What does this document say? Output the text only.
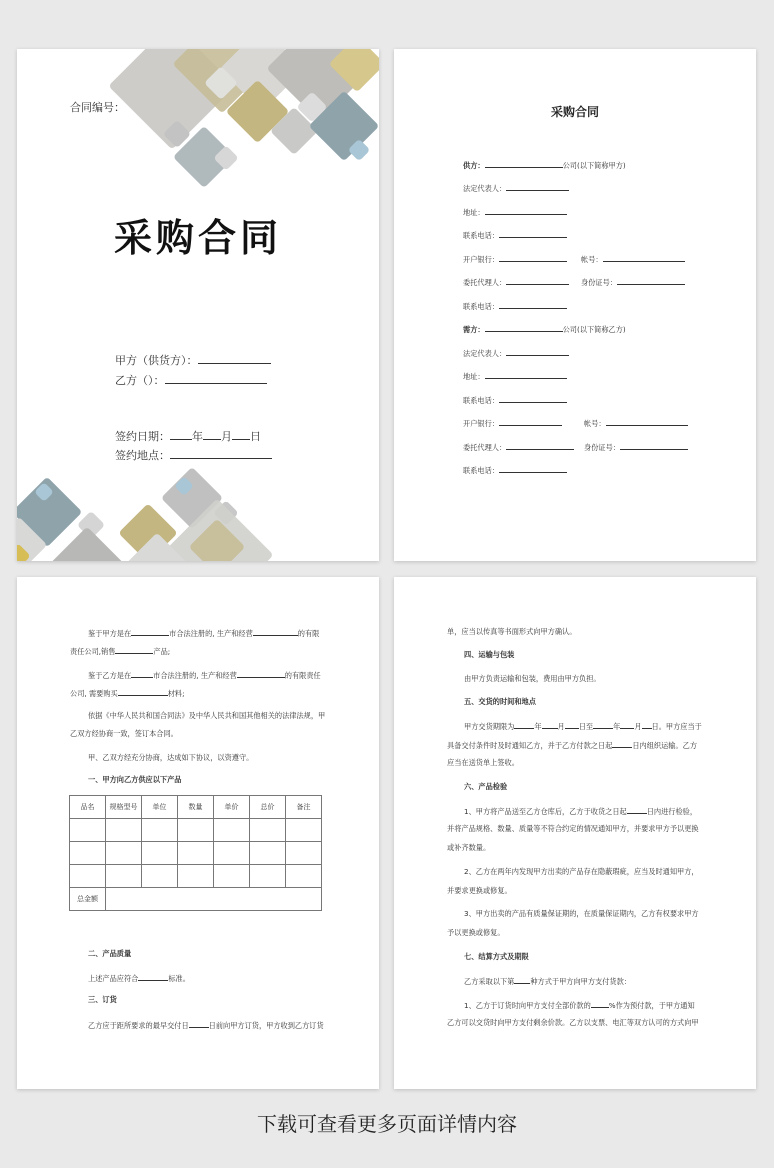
合同编号：
采购合同
甲方（供货方）：
乙方（）：
签约日期： 年 月 日
签约地点：
采购合同
供方：	公司(以下简称甲方)
法定代表人：
地址：
联系电话：
开户银行：	帐号：
委托代理人：	身份证号：
联系电话：
需方：	公司(以下简称乙方)
法定代表人：
地址：
联系电话：
开户银行：	帐号：
委托代理人：	身份证号：
联系电话：
鉴于甲方是在	市合法注册的, 生产和经营	的有限
责任公司,销售	产品;
鉴于乙方是在	市合法注册的, 生产和经营	的有限责任
公司, 需要购买	材料;
依据《中华人民共和国合同法》及中华人民共和国其他相关的法律法规，甲
乙双方经协商一致，签订本合同。
甲、乙双方经充分协商，达成如下协议，以资遵守。
一、甲方向乙方供应以下产品
品名	规格型号	单位	数量	单价	总价	备注

总金额						
二、产品质量
上述产品应符合	标准。
三、订货
乙方应于距所要求的最早交付日	日前向甲方订货，甲方收到乙方订货
单，应当以传真等书面形式向甲方确认。
四、运输与包装
由甲方负责运输和包装，费用由甲方负担。
五、交货的时间和地点
甲方交货期限为	年 月 日至	年 月 日。甲方应当于
具备交付条件时及时通知乙方，并于乙方付款之日起	日内组织运输。乙方
应当在送货单上签收。
六、产品检验
1、甲方将产品送至乙方仓库后，乙方于收货之日起	日内进行检验，
并将产品规格、数量、质量等不符合约定的情况通知甲方，并要求甲方予以更换
或补齐数量。
2、乙方在两年内发现甲方出卖的产品存在隐蔽瑕疵，应当及时通知甲方，
并要求更换或修复。
3、甲方出卖的产品有质量保证期的，在质量保证期内，乙方有权要求甲方
予以更换或修复。
七、结算方式及期限
乙方采取以下第 种方式于甲方向甲方支付货款：
1、乙方于订货时向甲方支付全部价款的	%作为预付款，于甲方通知
乙方可以交货时向甲方支付剩余价款。乙方以支票、电汇等双方认可的方式向甲
下载可查看更多页面详情内容
